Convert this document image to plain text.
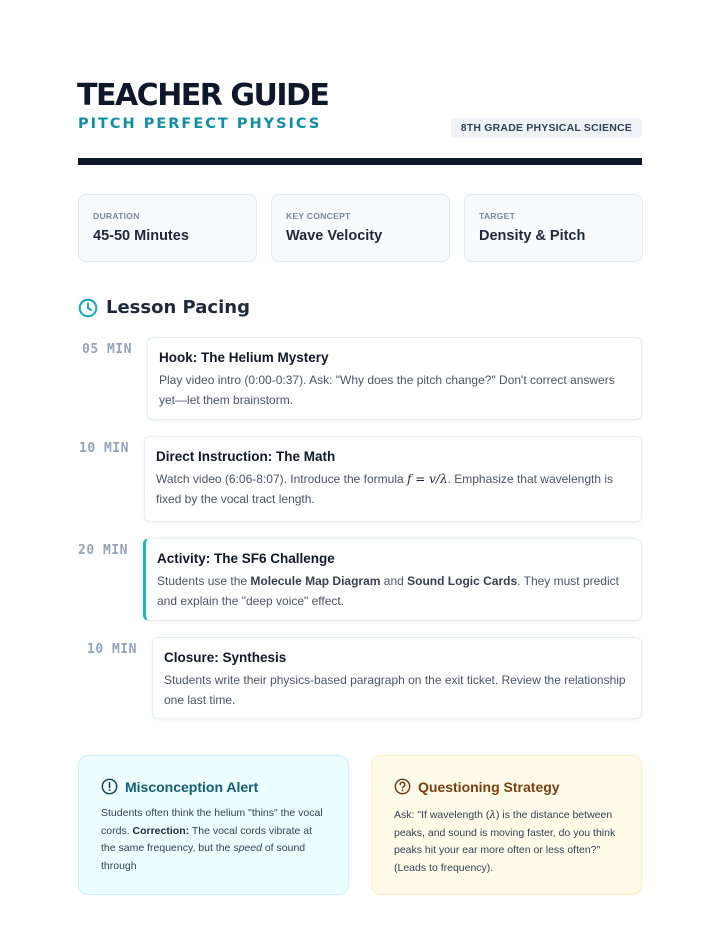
TEACHER GUIDE
PITCH PERFECT PHYSICS	8TH GRADE PHYSICAL SCIENCE
DURATION
45-50 Minutes
KEY CONCEPT
Wave Velocity
TARGET
Density & Pitch
Lesson Pacing
05 MIN
Hook: The Helium Mystery
Play video intro (0:00-0:37). Ask: "Why does the pitch change?" Don't correct answers yet—let them brainstorm.
10 MIN
Direct Instruction: The Math
Watch video (6:06-8:07). Introduce the formula f = v/λ. Emphasize that wavelength is fixed by the vocal tract length.
20 MIN
Activity: The SF6 Challenge
Students use the Molecule Map Diagram and Sound Logic Cards. They must predict and explain the "deep voice" effect.
10 MIN
Closure: Synthesis
Students write their physics-based paragraph on the exit ticket. Review the relationship one last time.
Misconception Alert
Students often think the helium "thins" the vocal cords. Correction: The vocal cords vibrate at the same frequency, but the speed of sound through
Questioning Strategy
Ask: "If wavelength (λ) is the distance between peaks, and sound is moving faster, do you think peaks hit your ear more often or less often?" (Leads to frequency).
